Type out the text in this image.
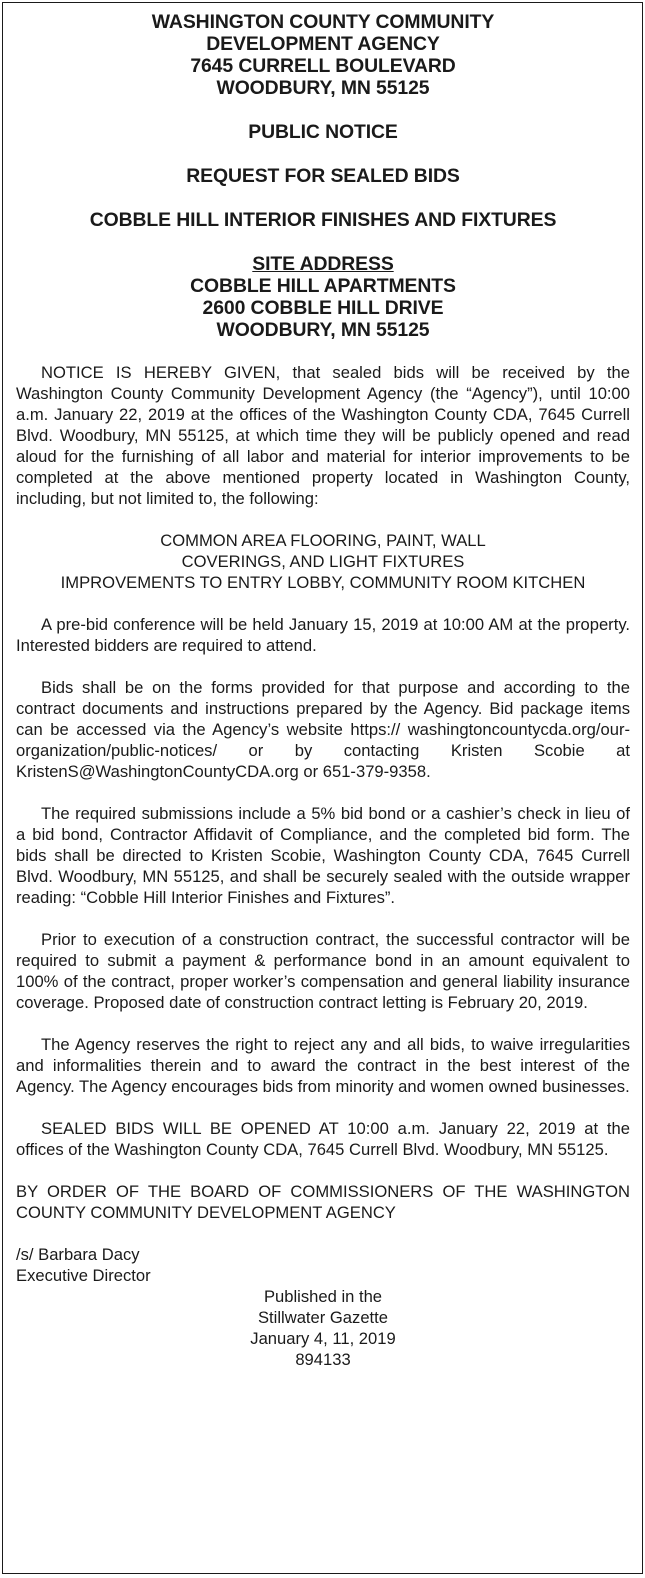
WASHINGTON COUNTY COMMUNITY
DEVELOPMENT AGENCY
7645 CURRELL BOULEVARD
WOODBURY, MN 55125
PUBLIC NOTICE
REQUEST FOR SEALED BIDS
COBBLE HILL INTERIOR FINISHES AND FIXTURES
SITE ADDRESS
COBBLE HILL APARTMENTS
2600 COBBLE HILL DRIVE
WOODBURY, MN 55125

NOTICE IS HEREBY GIVEN, that sealed bids will be received by the Washington County Community Development Agency (the “Agency”), until 10:00 a.m. January 22, 2019 at the offices of the Washington County CDA, 7645 Currell Blvd. Woodbury, MN 55125, at which time they will be publicly opened and read aloud for the furnishing of all labor and material for interior improvements to be completed at the above mentioned property located in Washington County, including, but not limited to, the following:

COMMON AREA FLOORING, PAINT, WALL
COVERINGS, AND LIGHT FIXTURES
IMPROVEMENTS TO ENTRY LOBBY, COMMUNITY ROOM KITCHEN

A pre-bid conference will be held January 15, 2019 at 10:00 AM at the property. Interested bidders are required to attend.

Bids shall be on the forms provided for that purpose and according to the contract documents and instructions prepared by the Agency. Bid package items can be accessed via the Agency’s website https:// washingtoncountycda.org/our-organization/public-notices/ or by contacting Kristen Scobie at KristenS@WashingtonCountyCDA.org or 651-379-9358.

The required submissions include a 5% bid bond or a cashier’s check in lieu of a bid bond, Contractor Affidavit of Compliance, and the completed bid form. The bids shall be directed to Kristen Scobie, Washington County CDA, 7645 Currell Blvd. Woodbury, MN 55125, and shall be securely sealed with the outside wrapper reading: “Cobble Hill Interior Finishes and Fixtures”.

Prior to execution of a construction contract, the successful contractor will be required to submit a payment & performance bond in an amount equivalent to 100% of the contract, proper worker’s compensation and general liability insurance coverage. Proposed date of construction contract letting is February 20, 2019.

The Agency reserves the right to reject any and all bids, to waive irregularities and informalities therein and to award the contract in the best interest of the Agency. The Agency encourages bids from minority and women owned businesses.

SEALED BIDS WILL BE OPENED AT 10:00 a.m. January 22, 2019 at the offices of the Washington County CDA, 7645 Currell Blvd. Woodbury, MN 55125.

BY ORDER OF THE BOARD OF COMMISSIONERS OF THE WASHINGTON COUNTY COMMUNITY DEVELOPMENT AGENCY

/s/ Barbara Dacy
Executive Director
Published in the
Stillwater Gazette
January 4, 11, 2019
894133
